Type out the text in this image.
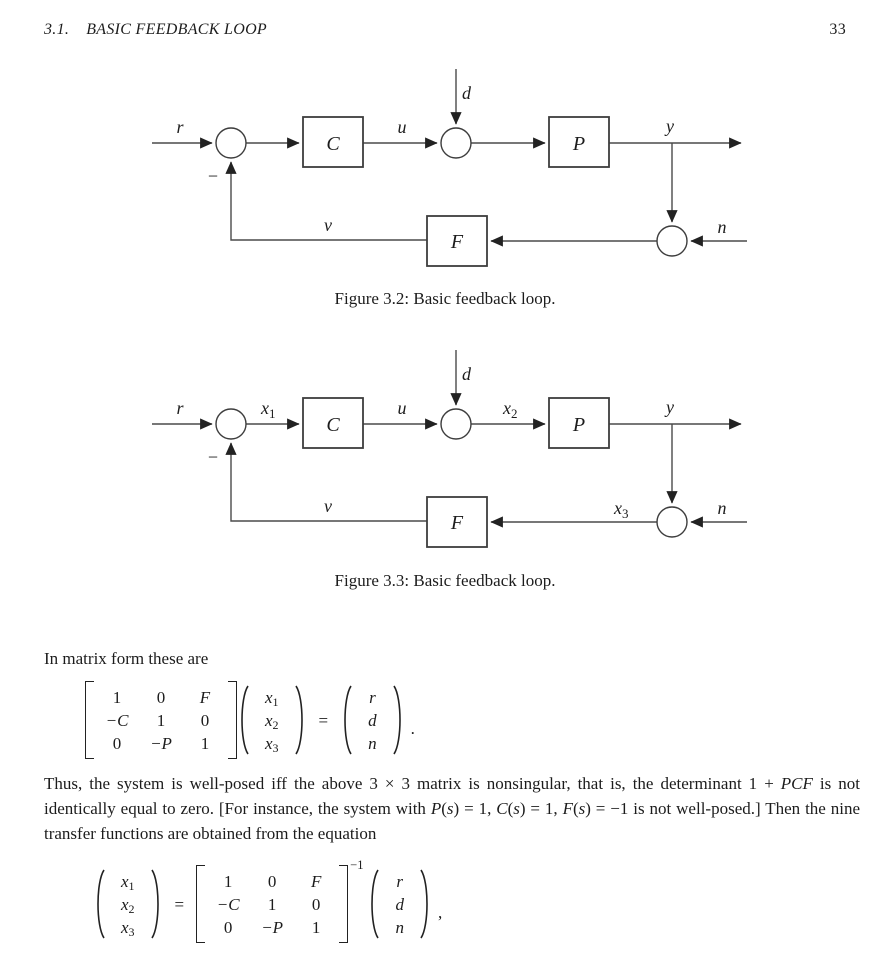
3.1. BASIC FEEDBACK LOOP	33
C	P
F
r	u
d
y
n
v
−
Figure 3.2: Basic feedback loop.
C	P
F
r	$x_1$	u	$x_2$
d
y
n
$x_3$
v
−
Figure 3.3: Basic feedback loop.
In matrix form these are
1	0	F
−C	1	0
0	−P	1
$x_1$
$x_2$
$x_3$
=
r
d
n
.
Thus, the system is well-posed iff the above 3 × 3 matrix is nonsingular, that is, the determinant 1 + PCF is not identically equal to zero. [For instance, the system with P(s) = 1, C(s) = 1, F(s) = −1 is not well-posed.] Then the nine transfer functions are obtained from the equation
$x_1$
$x_2$
$x_3$
=
1	0	F
−C	1	0
0	−P	1
−1
r
d
n
,
